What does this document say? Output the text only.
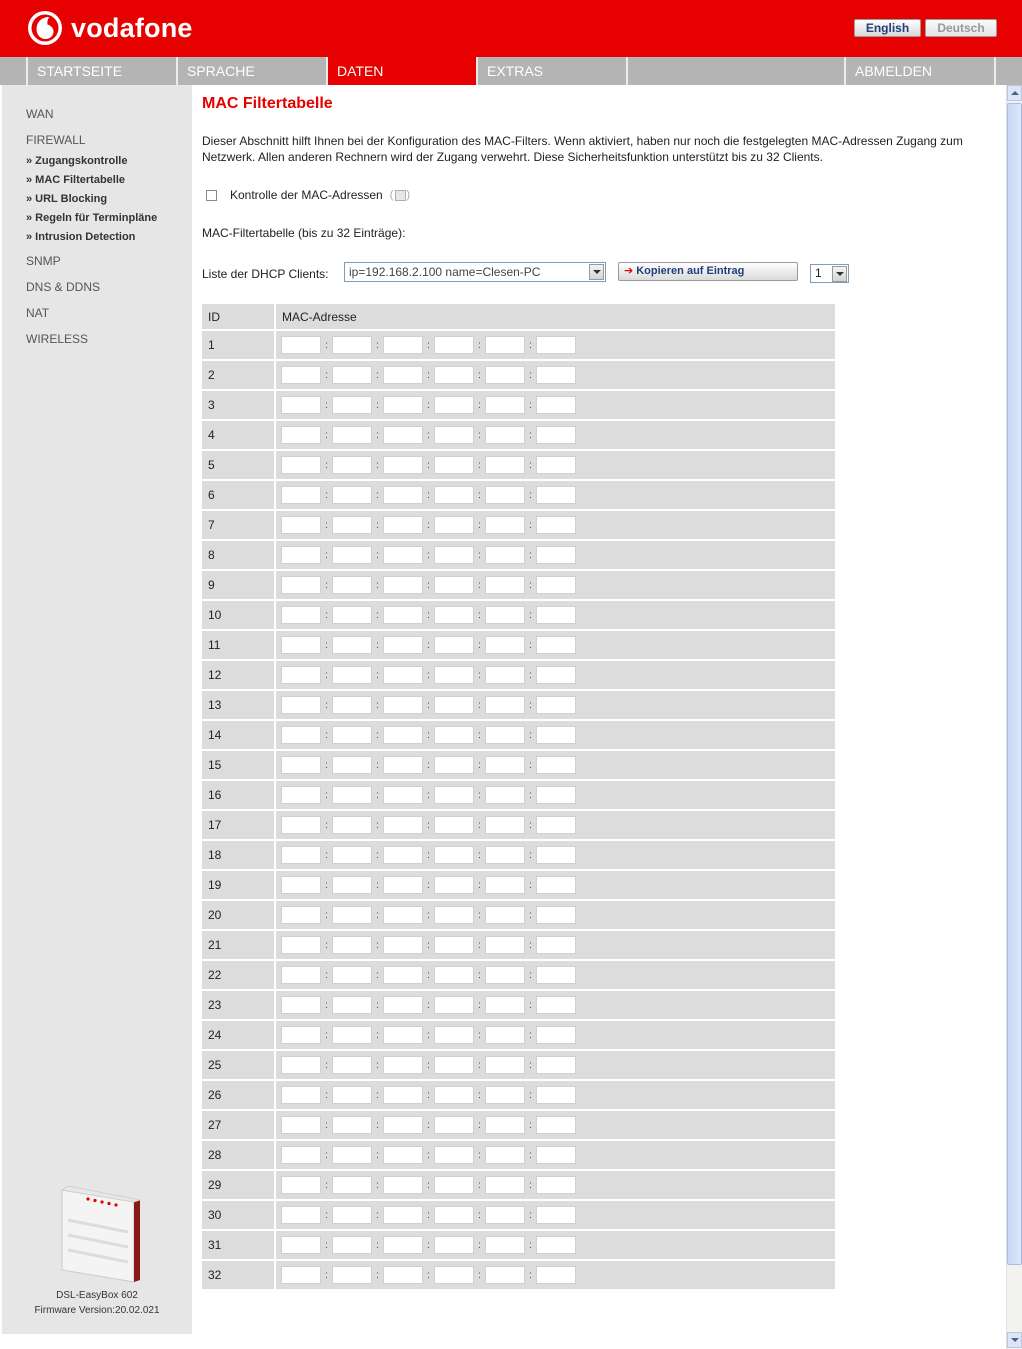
vodafone	English	Deutsch
STARTSEITE	SPRACHE	DATEN	EXTRAS	ABMELDEN
WAN
FIREWALL
» Zugangskontrolle
» MAC Filtertabelle
» URL Blocking
» Regeln für Terminpläne
» Intrusion Detection
SNMP
DNS & DDNS
NAT
WIRELESS
DSL-EasyBox 602
Firmware Version:20.02.021
MAC Filtertabelle
Dieser Abschnitt hilft Ihnen bei der Konfiguration des MAC-Filters. Wenn aktiviert, haben nur noch die festgelegten MAC-Adressen Zugang zum Netzwerk. Allen anderen Rechnern wird der Zugang verwehrt. Diese Sicherheitsfunktion unterstützt bis zu 32 Clients.
Kontrolle der MAC-Adressen ( )
MAC-Filtertabelle (bis zu 32 Einträge):
Liste der DHCP Clients:	ip=192.168.2.100 name=Clesen-PC	➔ Kopieren auf Eintrag	1
ID	MAC-Adresse
1	: : : : :
2	: : : : :
3	: : : : :
4	: : : : :
5	: : : : :
6	: : : : :
7	: : : : :
8	: : : : :
9	: : : : :
10	: : : : :
11	: : : : :
12	: : : : :
13	: : : : :
14	: : : : :
15	: : : : :
16	: : : : :
17	: : : : :
18	: : : : :
19	: : : : :
20	: : : : :
21	: : : : :
22	: : : : :
23	: : : : :
24	: : : : :
25	: : : : :
26	: : : : :
27	: : : : :
28	: : : : :
29	: : : : :
30	: : : : :
31	: : : : :
32	: : : : :
